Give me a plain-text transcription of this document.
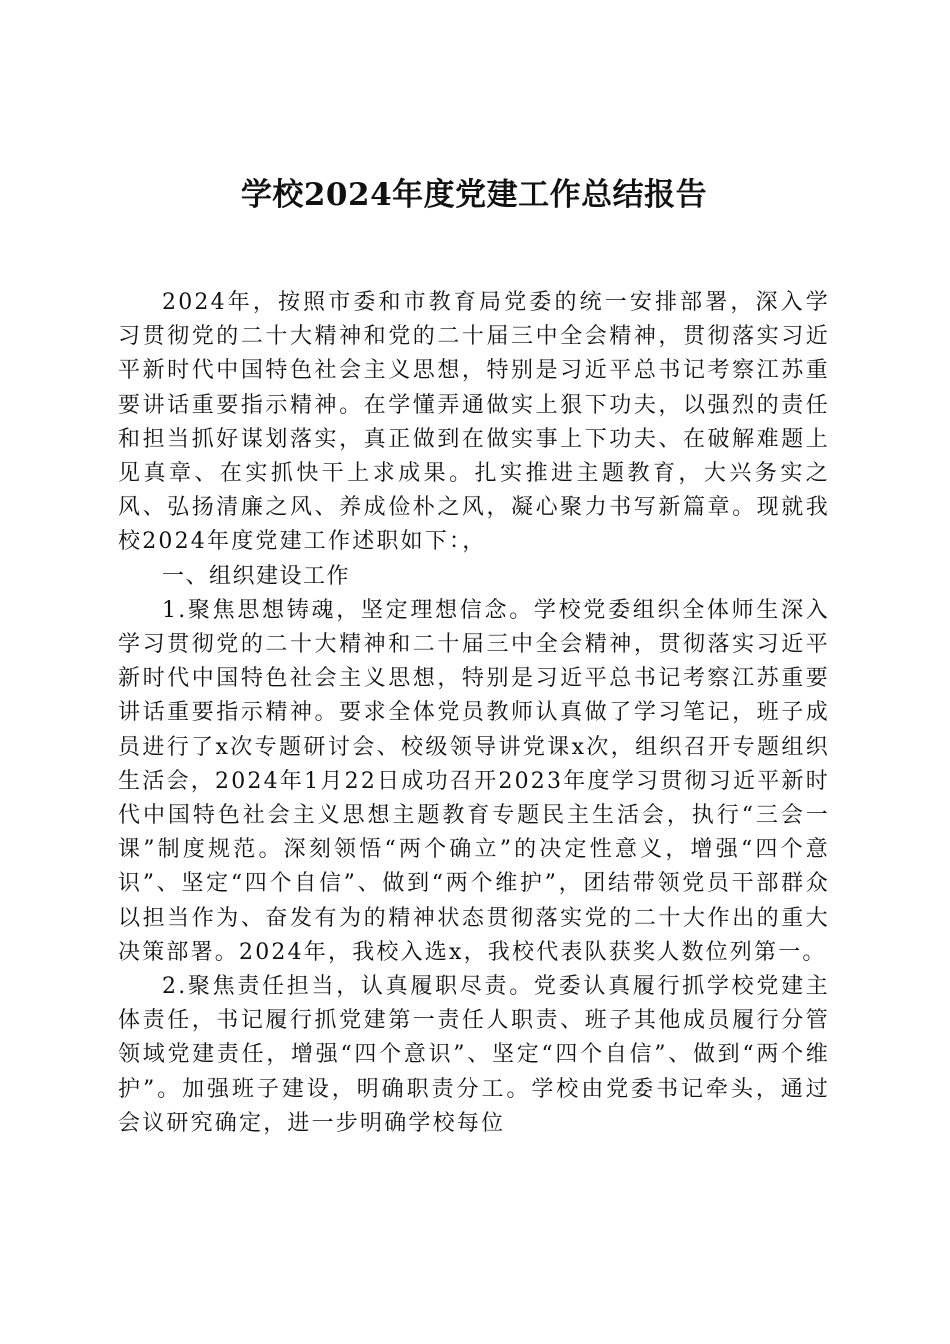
学校2024年度党建工作总结报告

2024年，按照市委和市教育局党委的统一安排部署，深入学习贯彻党的二十大精神和党的二十届三中全会精神，贯彻落实习近平新时代中国特色社会主义思想，特别是习近平总书记考察江苏重要讲话重要指示精神。在学懂弄通做实上狠下功夫，以强烈的责任和担当抓好谋划落实，真正做到在做实事上下功夫、在破解难题上见真章、在实抓快干上求成果。扎实推进主题教育，大兴务实之风、弘扬清廉之风、养成俭朴之风，凝心聚力书写新篇章。现就我校2024年度党建工作述职如下：，

一、组织建设工作

1.聚焦思想铸魂，坚定理想信念。学校党委组织全体师生深入学习贯彻党的二十大精神和二十届三中全会精神，贯彻落实习近平新时代中国特色社会主义思想，特别是习近平总书记考察江苏重要讲话重要指示精神。要求全体党员教师认真做了学习笔记，班子成员进行了x次专题研讨会、校级领导讲党课x次，组织召开专题组织生活会，2024年1月22日成功召开2023年度学习贯彻习近平新时代中国特色社会主义思想主题教育专题民主生活会，执行“三会一课”制度规范。深刻领悟“两个确立”的决定性意义，增强“四个意识”、坚定“四个自信”、做到“两个维护”，团结带领党员干部群众以担当作为、奋发有为的精神状态贯彻落实党的二十大作出的重大决策部署。2024年，我校入选x，我校代表队获奖人数位列第一。

2.聚焦责任担当，认真履职尽责。党委认真履行抓学校党建主体责任，书记履行抓党建第一责任人职责、班子其他成员履行分管领域党建责任，增强“四个意识”、坚定“四个自信”、做到“两个维护”。加强班子建设，明确职责分工。学校由党委书记牵头，通过会议研究确定，进一步明确学校每位
